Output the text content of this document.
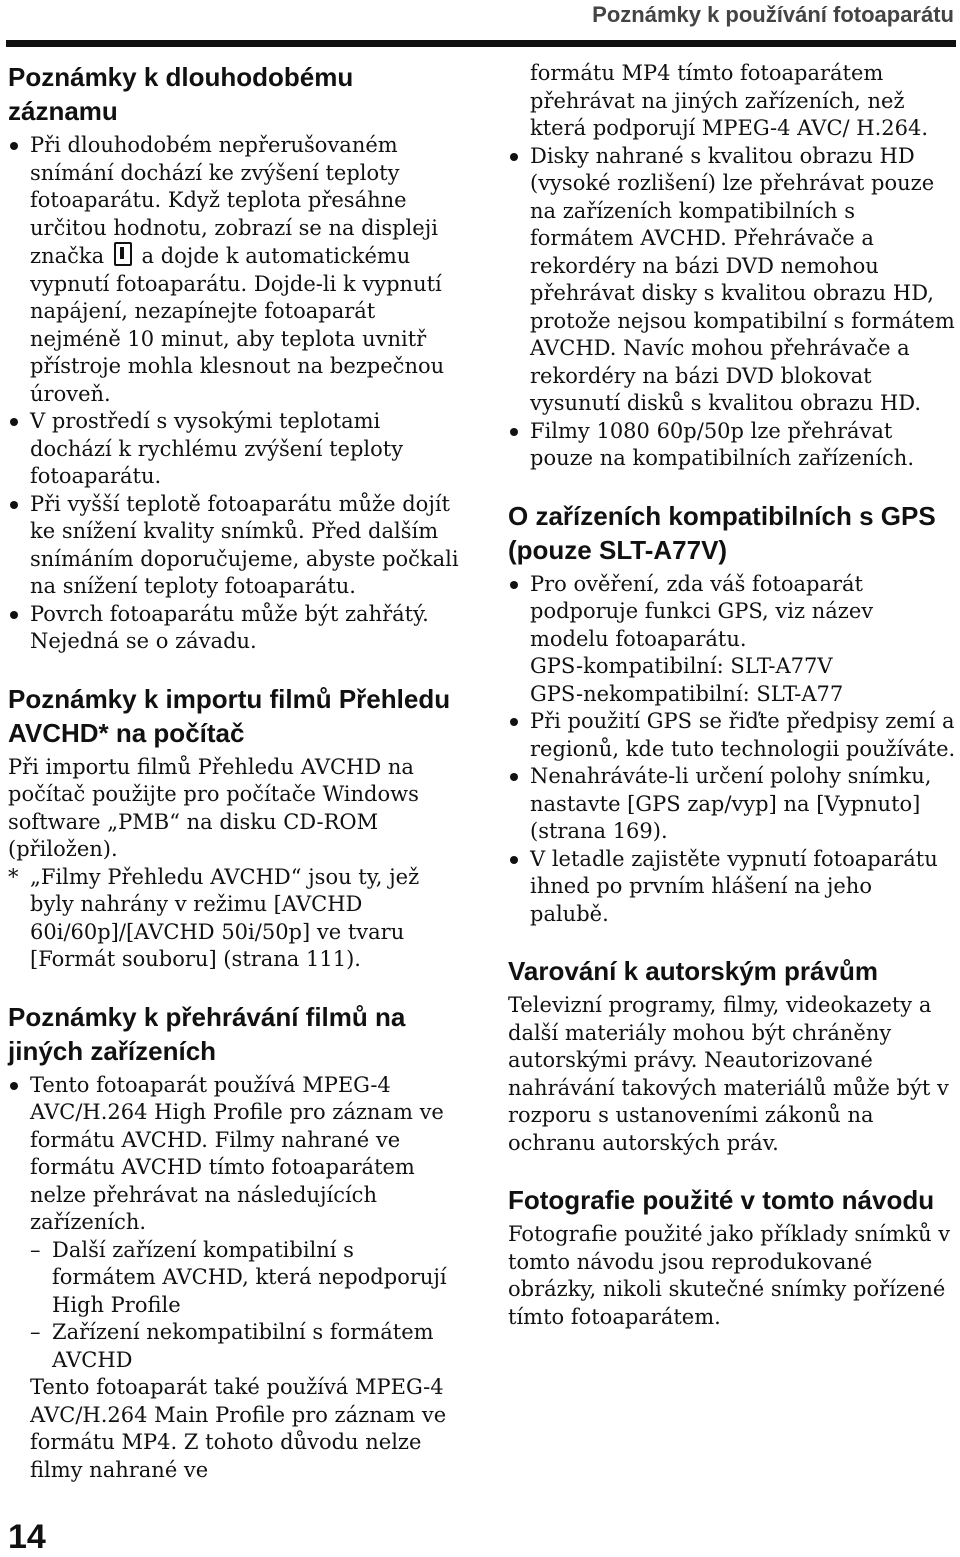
Poznámky k používání fotoaparátu
Poznámky k dlouhodobému záznamu
Při dlouhodobém nepřerušovaném snímání dochází ke zvýšení teploty fotoaparátu. Když teplota přesáhne určitou hodnotu, zobrazí se na displeji značka a dojde k automatickému vypnutí fotoaparátu. Dojde-li k vypnutí napájení, nezapínejte fotoaparát nejméně 10 minut, aby teplota uvnitř přístroje mohla klesnout na bezpečnou úroveň.
V prostředí s vysokými teplotami dochází k rychlému zvýšení teploty fotoaparátu.
Při vyšší teplotě fotoaparátu může dojít ke snížení kvality snímků. Před dalším snímáním doporučujeme, abyste počkali na snížení teploty fotoaparátu.
Povrch fotoaparátu může být zahřátý. Nejedná se o závadu.
Poznámky k importu filmů Přehledu AVCHD* na počítač

Při importu filmů Přehledu AVCHD na počítač použijte pro počítače Windows software „PMB“ na disku CD-ROM (přiložen).

* „Filmy Přehledu AVCHD“ jsou ty, jež byly nahrány v režimu [AVCHD 60i/60p]/[AVCHD 50i/50p] ve tvaru [Formát souboru] (strana 111).
Poznámky k přehrávání filmů na jiných zařízeních
Tento fotoaparát používá MPEG-4 AVC/H.264 High Profile pro záznam ve formátu AVCHD. Filmy nahrané ve formátu AVCHD tímto fotoaparátem nelze přehrávat na následujících zařízeních.
– Další zařízení kompatibilní s formátem AVCHD, která nepodporují High Profile
– Zařízení nekompatibilní s formátem AVCHD
Tento fotoaparát také používá MPEG-4 AVC/H.264 Main Profile pro záznam ve formátu MP4. Z tohoto důvodu nelze filmy nahrané ve
formátu MP4 tímto fotoaparátem přehrávat na jiných zařízeních, než která podporují MPEG-4 AVC/ H.264.
Disky nahrané s kvalitou obrazu HD (vysoké rozlišení) lze přehrávat pouze na zařízeních kompatibilních s formátem AVCHD. Přehrávače a rekordéry na bázi DVD nemohou přehrávat disky s kvalitou obrazu HD, protože nejsou kompatibilní s formátem AVCHD. Navíc mohou přehrávače a rekordéry na bázi DVD blokovat vysunutí disků s kvalitou obrazu HD.
Filmy 1080 60p/50p lze přehrávat pouze na kompatibilních zařízeních.
O zařízeních kompatibilních s GPS (pouze SLT-A77V)
Pro ověření, zda váš fotoaparát podporuje funkci GPS, viz název modelu fotoaparátu.
GPS-kompatibilní: SLT-A77V
GPS-nekompatibilní: SLT-A77
Při použití GPS se řiďte předpisy zemí a regionů, kde tuto technologii používáte.
Nenahráváte-li určení polohy snímku, nastavte [GPS zap/vyp] na [Vypnuto] (strana 169).
V letadle zajistěte vypnutí fotoaparátu ihned po prvním hlášení na jeho palubě.
Varování k autorským právům

Televizní programy, filmy, videokazety a další materiály mohou být chráněny autorskými právy. Neautorizované nahrávání takových materiálů může být v rozporu s ustanoveními zákonů na ochranu autorských práv.

Fotografie použité v tomto návodu

Fotografie použité jako příklady snímků v tomto návodu jsou reprodukované obrázky, nikoli skutečné snímky pořízené tímto fotoaparátem.

14
